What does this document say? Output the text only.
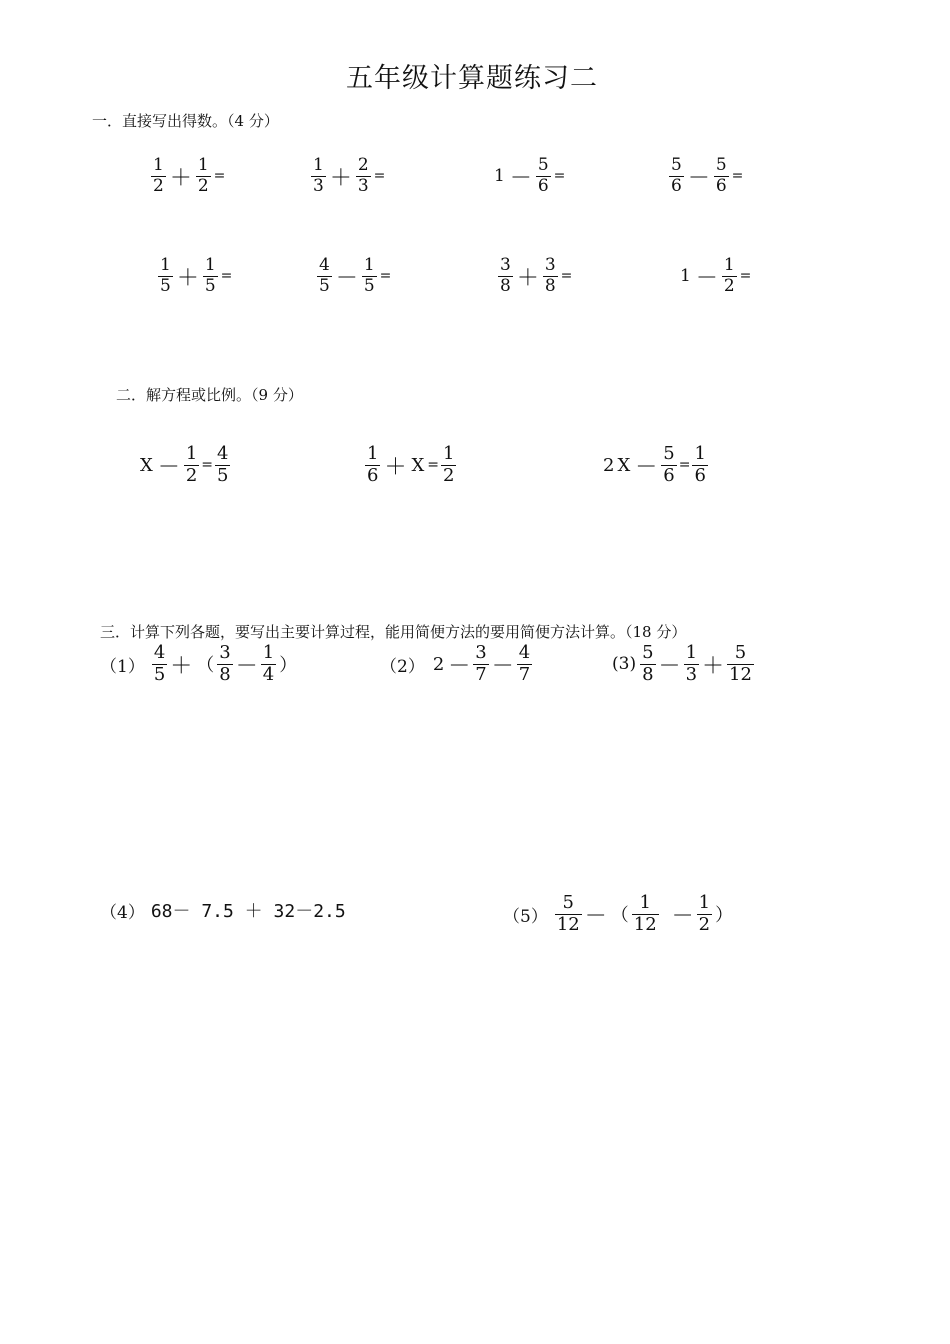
五年级计算题练习二
一．直接写出得数。（4 分）
$\frac{1}{2} + \frac{1}{2}$ =	$\frac{1}{3} + \frac{2}{3}$ =	$1 - \frac{5}{6}$ =	$\frac{5}{6} - \frac{5}{6}$ =
$\frac{1}{5} + \frac{1}{5}$ =	$\frac{4}{5} - \frac{1}{5}$ =	$\frac{3}{8} + \frac{3}{8}$ =	$1 - \frac{1}{2}$ =
二．解方程或比例。（9 分）
$X - \frac{1}{2} = \frac{4}{5}$	$\frac{1}{6} + X = \frac{1}{2}$	2 $X - \frac{5}{6} = \frac{1}{6}$
三．计算下列各题，要写出主要计算过程，能用简便方法的要用简便方法计算。（18 分）
$(1) \frac{4}{5}$ ＋ （ $\frac{3}{8} - \frac{1}{4}$ ）	（2） $2 - \frac{3}{7} - \frac{4}{7}$	$(3) \frac{5}{8} - \frac{1}{3} + \frac{5}{12}$
（4） 68－ 7.5 ＋ 32－2.5	$(5) \frac{5}{12}$ － （ $\frac{1}{12} - \frac{1}{2}$ ）
